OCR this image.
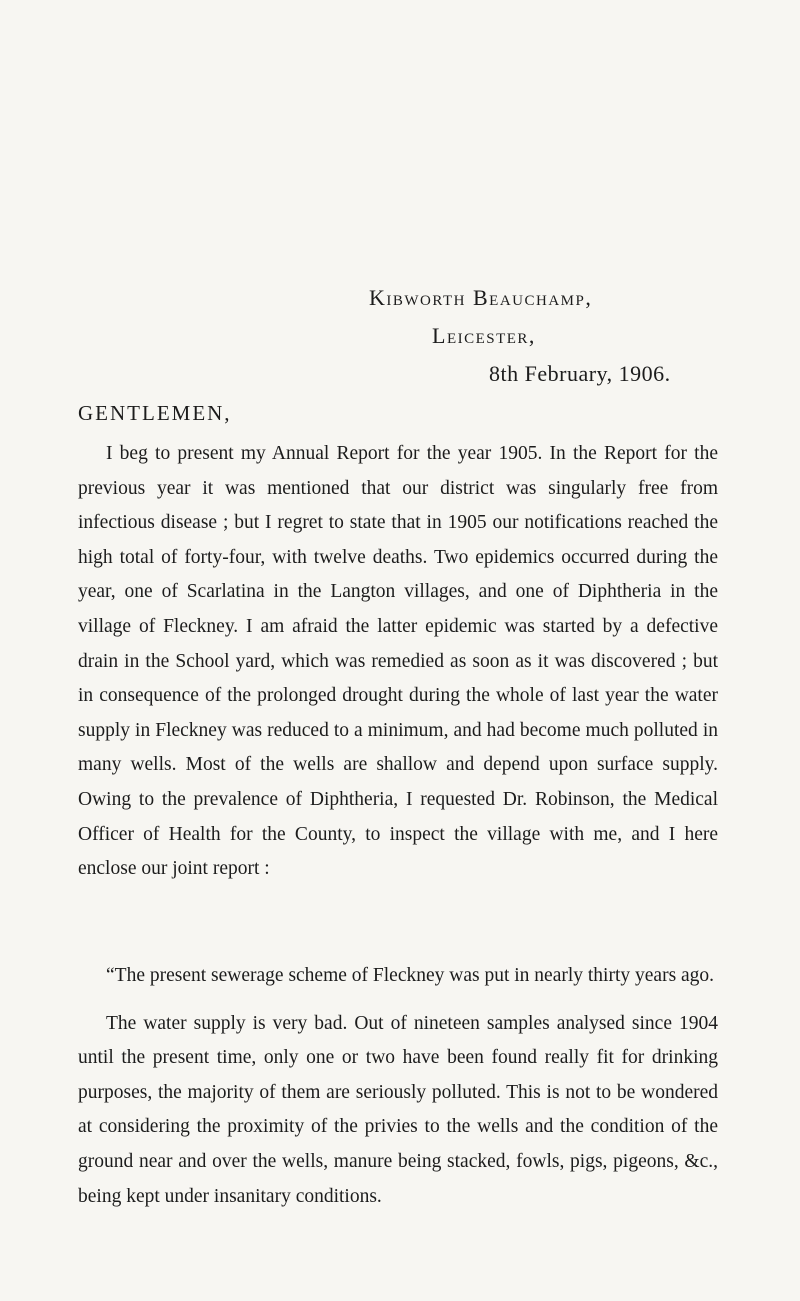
Kibworth Beauchamp,
Leicester,
8th February, 1906.
GENTLEMEN,

I beg to present my Annual Report for the year 1905. In the Report for the previous year it was mentioned that our district was singularly free from infectious disease ; but I regret to state that in 1905 our notifications reached the high total of forty-four, with twelve deaths. Two epidemics occurred during the year, one of Scarlatina in the Langton villages, and one of Diphtheria in the village of Fleckney. I am afraid the latter epidemic was started by a defective drain in the School yard, which was remedied as soon as it was discovered ; but in consequence of the prolonged drought during the whole of last year the water supply in Fleckney was reduced to a minimum, and had become much polluted in many wells. Most of the wells are shallow and depend upon surface supply. Owing to the prevalence of Diphtheria, I requested Dr. Robinson, the Medical Officer of Health for the County, to inspect the village with me, and I here enclose our joint report :

“The present sewerage scheme of Fleckney was put in nearly thirty years ago.

The water supply is very bad. Out of nineteen samples analysed since 1904 until the present time, only one or two have been found really fit for drinking purposes, the majority of them are seriously polluted. This is not to be wondered at considering the proximity of the privies to the wells and the condition of the ground near and over the wells, manure being stacked, fowls, pigs, pigeons, &c., being kept under insanitary conditions.
